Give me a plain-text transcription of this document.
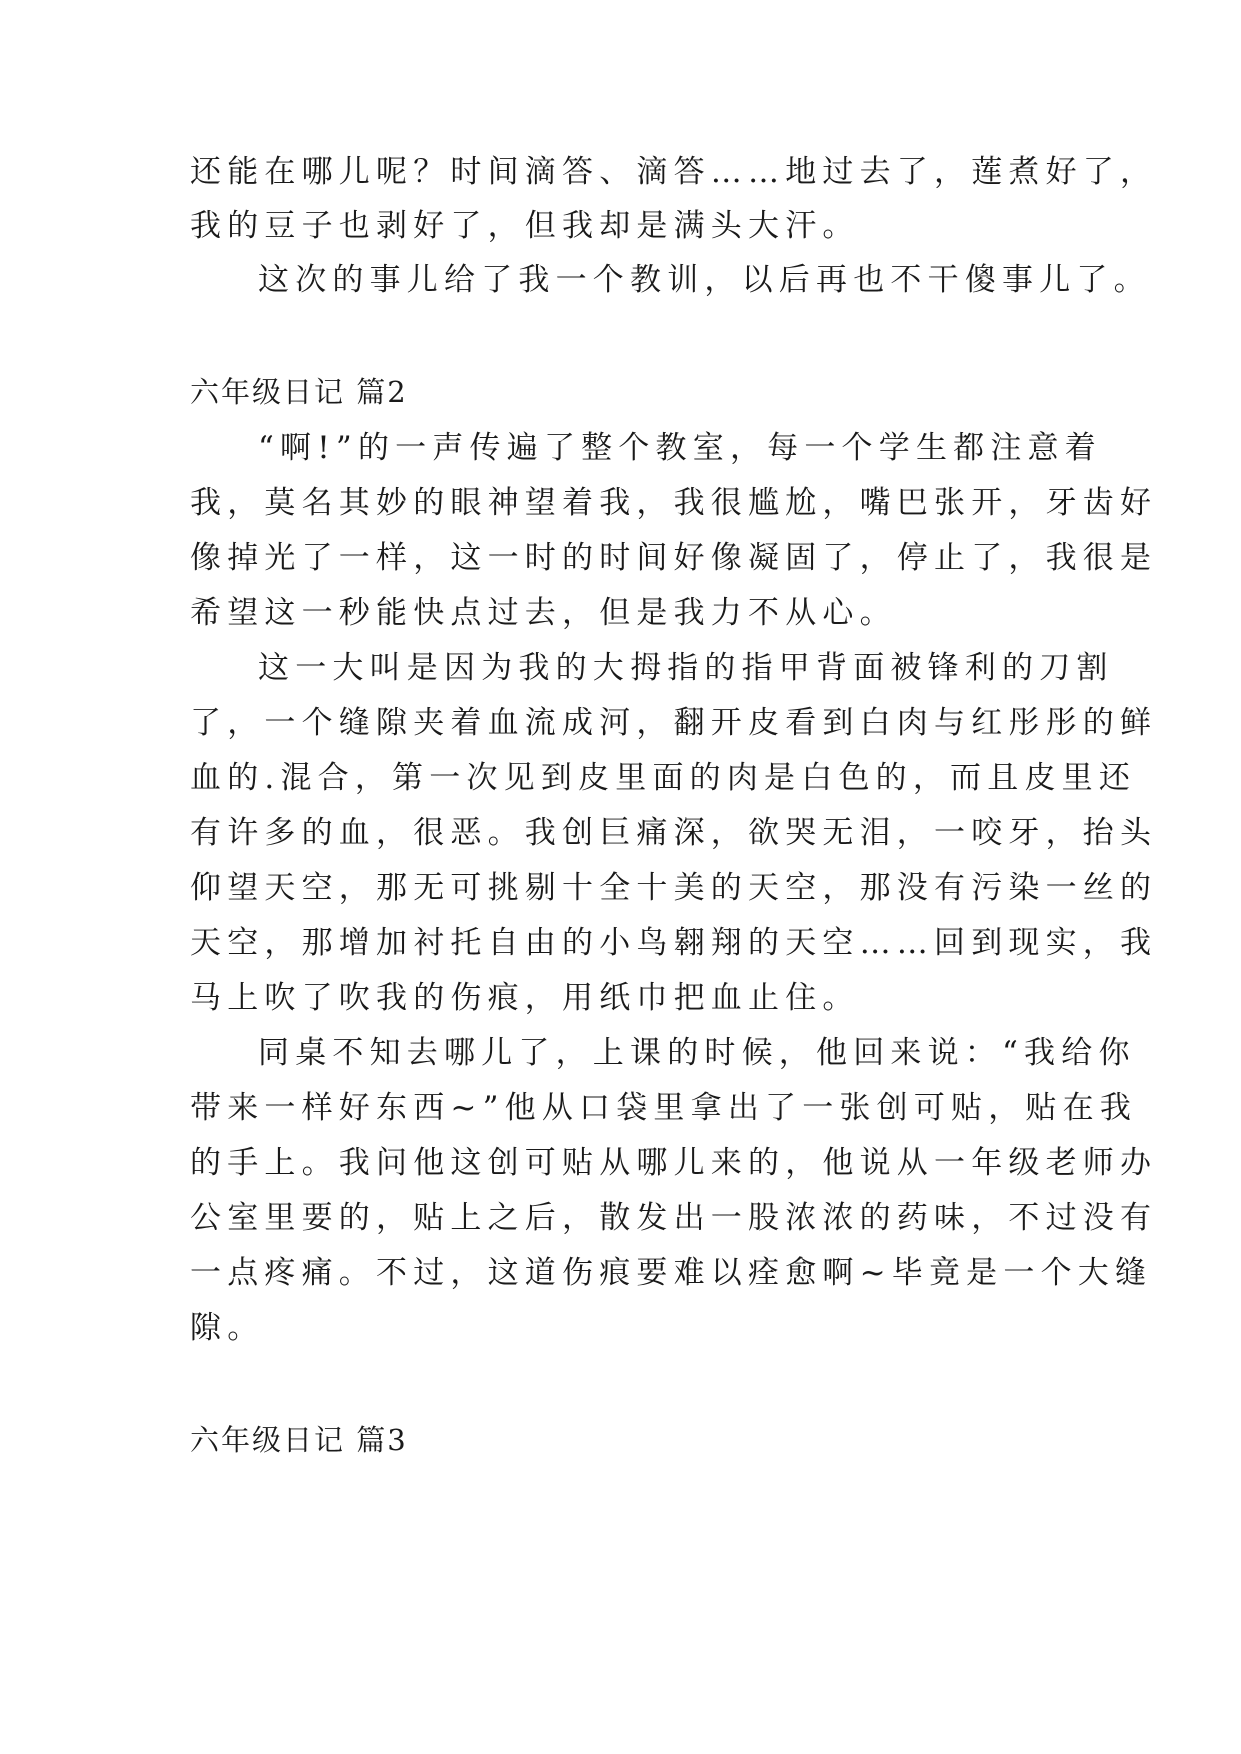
还能在哪儿呢？时间滴答、滴答……地过去了，莲煮好了，
我的豆子也剥好了，但我却是满头大汗。
这次的事儿给了我一个教训，以后再也不干傻事儿了。
六年级日记 篇2
“啊!”的一声传遍了整个教室，每一个学生都注意着
我，莫名其妙的眼神望着我，我很尴尬，嘴巴张开，牙齿好
像掉光了一样，这一时的时间好像凝固了，停止了，我很是
希望这一秒能快点过去，但是我力不从心。
这一大叫是因为我的大拇指的指甲背面被锋利的刀割
了，一个缝隙夹着血流成河，翻开皮看到白肉与红彤彤的鲜
血的.混合，第一次见到皮里面的肉是白色的，而且皮里还
有许多的血，很恶。我创巨痛深，欲哭无泪，一咬牙，抬头
仰望天空，那无可挑剔十全十美的天空，那没有污染一丝的
天空，那增加衬托自由的小鸟翱翔的天空……回到现实，我
马上吹了吹我的伤痕，用纸巾把血止住。
同桌不知去哪儿了，上课的时候，他回来说：“我给你
带来一样好东西~”他从口袋里拿出了一张创可贴，贴在我
的手上。我问他这创可贴从哪儿来的，他说从一年级老师办
公室里要的，贴上之后，散发出一股浓浓的药味，不过没有
一点疼痛。不过，这道伤痕要难以痊愈啊~毕竟是一个大缝
隙。
六年级日记 篇3
